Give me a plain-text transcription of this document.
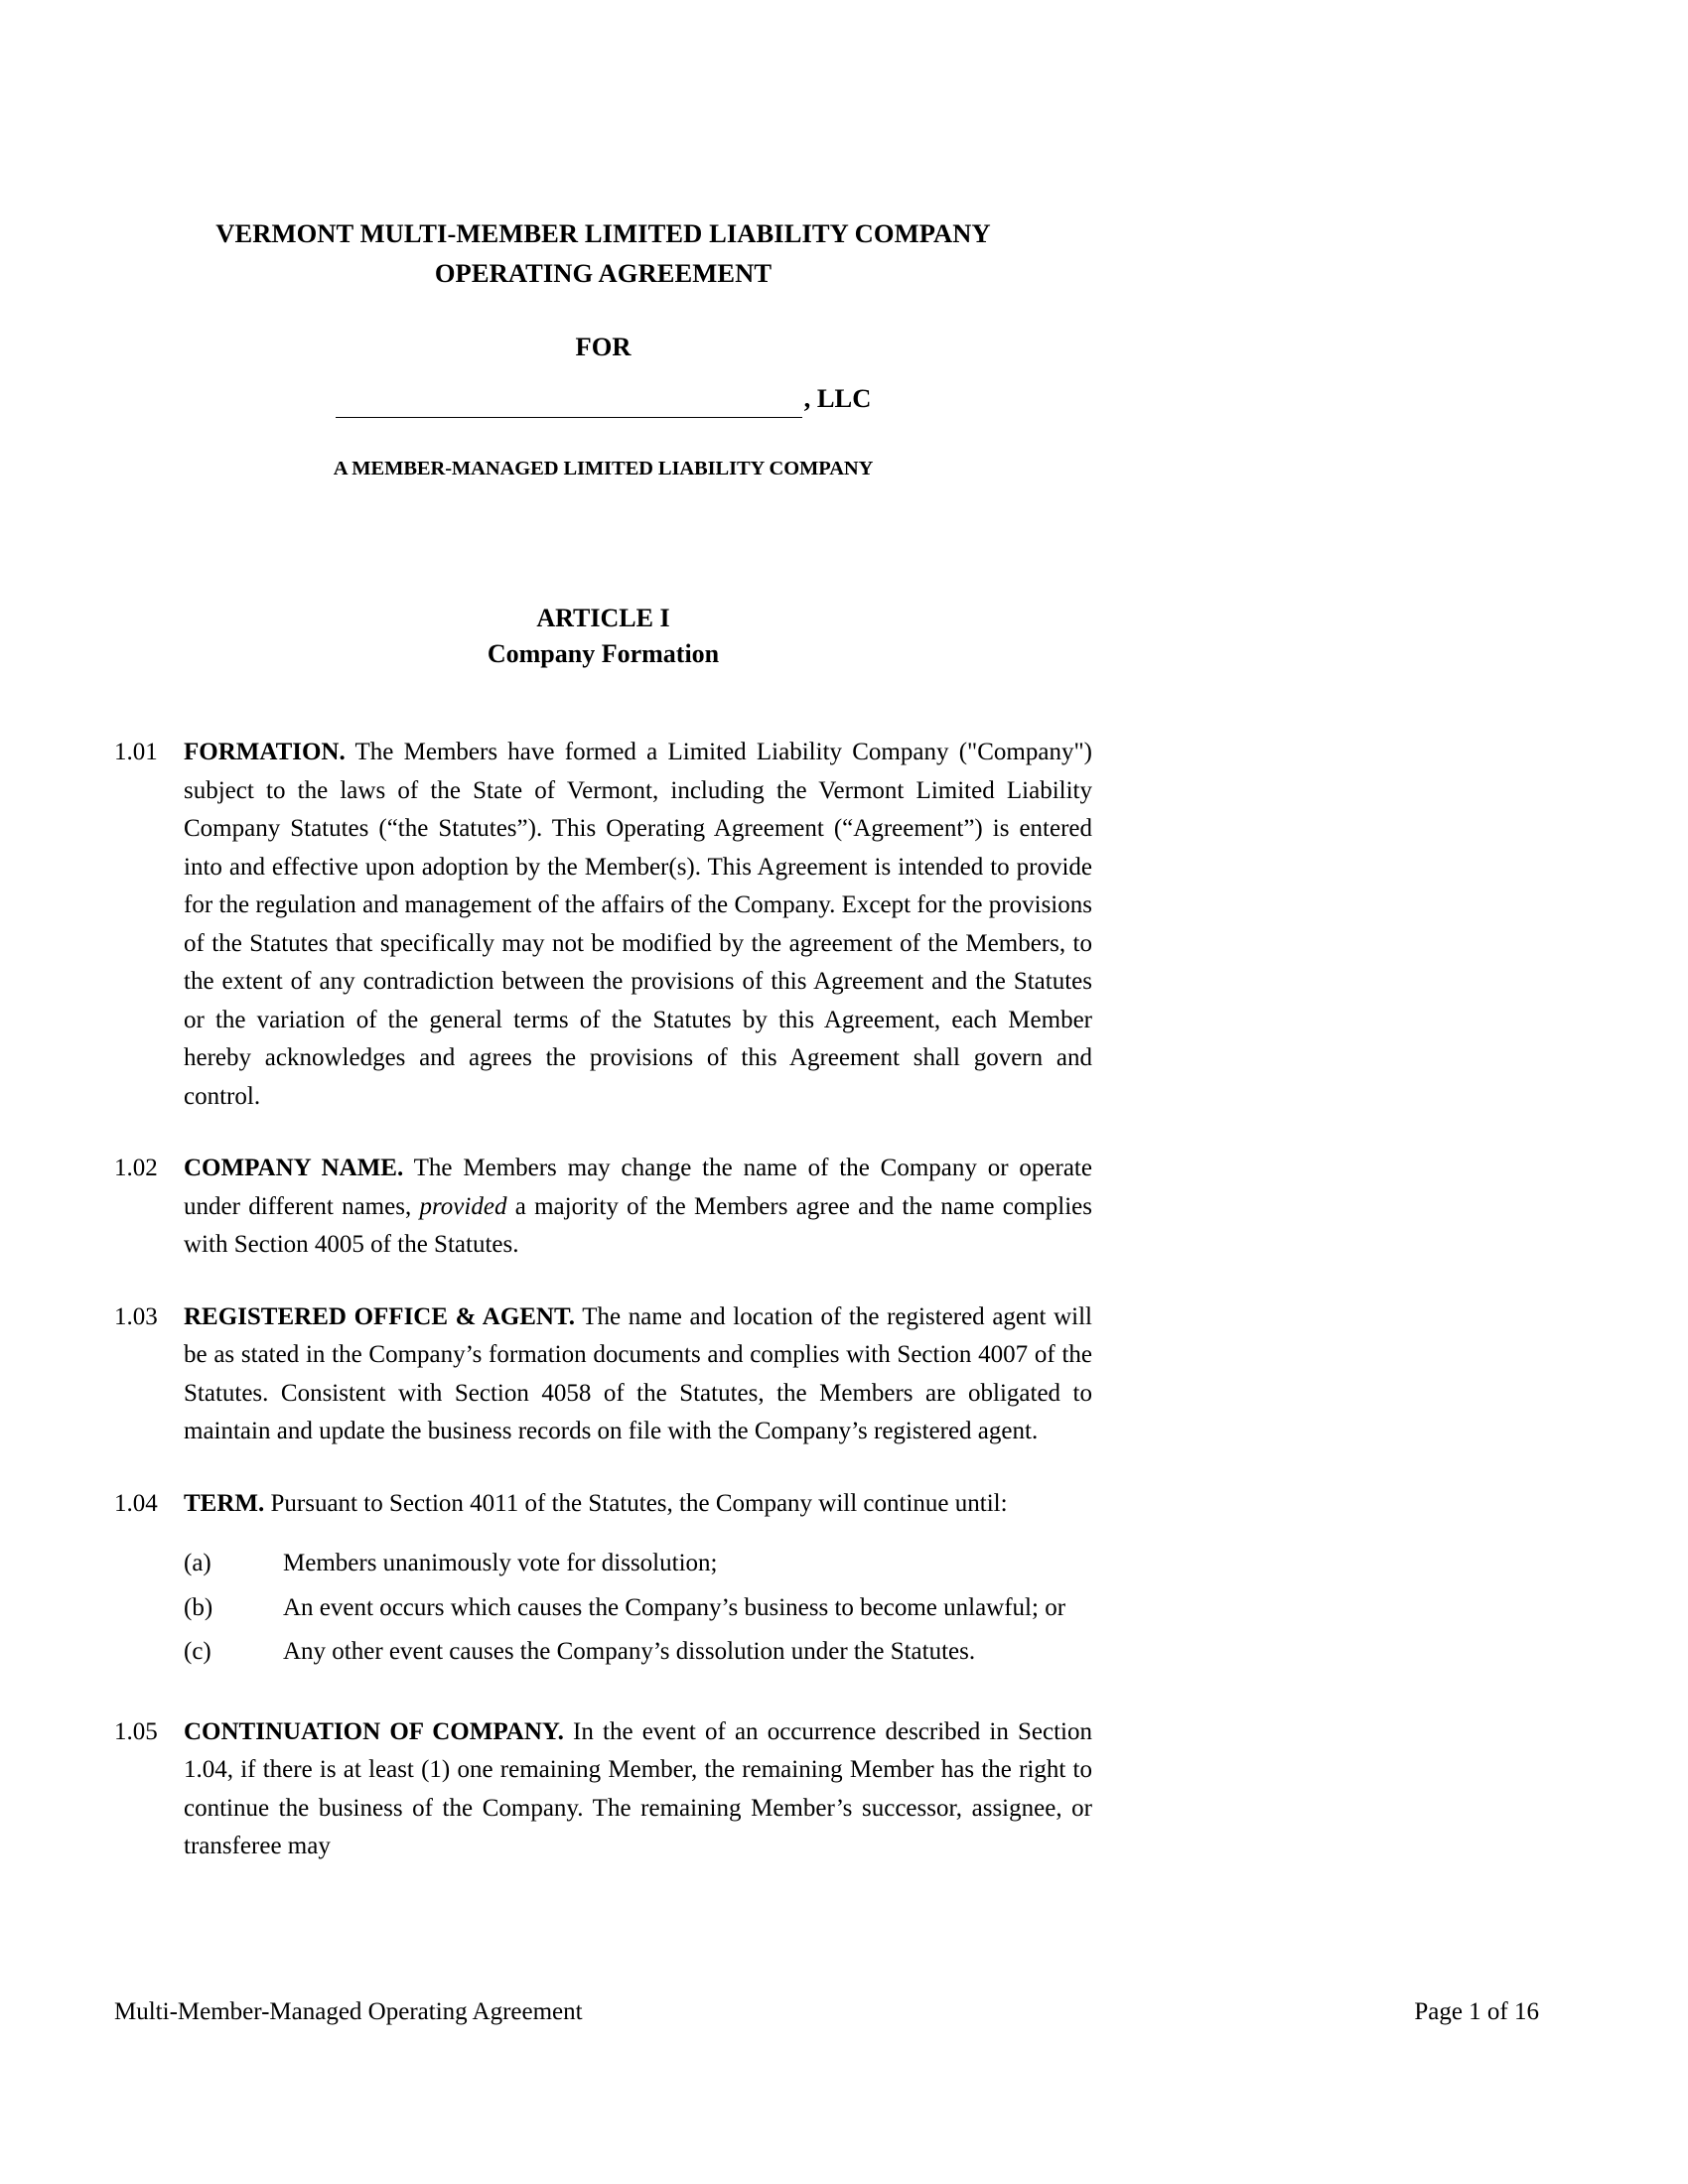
VERMONT MULTI-MEMBER LIMITED LIABILITY COMPANY
OPERATING AGREEMENT
FOR
, LLC
A MEMBER-MANAGED LIMITED LIABILITY COMPANY
ARTICLE I
Company Formation
1.01	FORMATION. The Members have formed a Limited Liability Company ("Company") subject to the laws of the State of Vermont, including the Vermont Limited Liability Company Statutes (“the Statutes”). This Operating Agreement (“Agreement”) is entered into and effective upon adoption by the Member(s). This Agreement is intended to provide for the regulation and management of the affairs of the Company. Except for the provisions of the Statutes that specifically may not be modified by the agreement of the Members, to the extent of any contradiction between the provisions of this Agreement and the Statutes or the variation of the general terms of the Statutes by this Agreement, each Member hereby acknowledges and agrees the provisions of this Agreement shall govern and control.
1.02	COMPANY NAME. The Members may change the name of the Company or operate under different names, provided a majority of the Members agree and the name complies with Section 4005 of the Statutes.
1.03	REGISTERED OFFICE & AGENT. The name and location of the registered agent will be as stated in the Company’s formation documents and complies with Section 4007 of the Statutes. Consistent with Section 4058 of the Statutes, the Members are obligated to maintain and update the business records on file with the Company’s registered agent.
1.04	TERM. Pursuant to Section 4011 of the Statutes, the Company will continue until:
(a)	Members unanimously vote for dissolution;
(b)	An event occurs which causes the Company’s business to become unlawful; or
(c)	Any other event causes the Company’s dissolution under the Statutes.
1.05	CONTINUATION OF COMPANY. In the event of an occurrence described in Section 1.04, if there is at least (1) one remaining Member, the remaining Member has the right to continue the business of the Company. The remaining Member’s successor, assignee, or transferee may
Multi-Member-Managed Operating Agreement	Page 1 of 16
